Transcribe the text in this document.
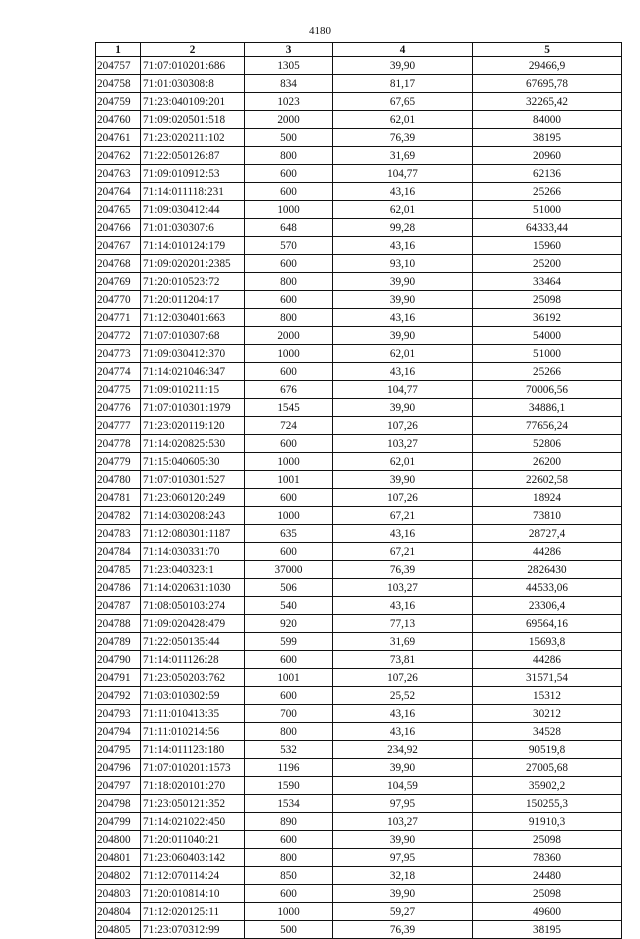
4180
1	2	3	4	5
204757	71:07:010201:686	1305	39,90	29466,9
204758	71:01:030308:8	834	81,17	67695,78
204759	71:23:040109:201	1023	67,65	32265,42
204760	71:09:020501:518	2000	62,01	84000
204761	71:23:020211:102	500	76,39	38195
204762	71:22:050126:87	800	31,69	20960
204763	71:09:010912:53	600	104,77	62136
204764	71:14:011118:231	600	43,16	25266
204765	71:09:030412:44	1000	62,01	51000
204766	71:01:030307:6	648	99,28	64333,44
204767	71:14:010124:179	570	43,16	15960
204768	71:09:020201:2385	600	93,10	25200
204769	71:20:010523:72	800	39,90	33464
204770	71:20:011204:17	600	39,90	25098
204771	71:12:030401:663	800	43,16	36192
204772	71:07:010307:68	2000	39,90	54000
204773	71:09:030412:370	1000	62,01	51000
204774	71:14:021046:347	600	43,16	25266
204775	71:09:010211:15	676	104,77	70006,56
204776	71:07:010301:1979	1545	39,90	34886,1
204777	71:23:020119:120	724	107,26	77656,24
204778	71:14:020825:530	600	103,27	52806
204779	71:15:040605:30	1000	62,01	26200
204780	71:07:010301:527	1001	39,90	22602,58
204781	71:23:060120:249	600	107,26	18924
204782	71:14:030208:243	1000	67,21	73810
204783	71:12:080301:1187	635	43,16	28727,4
204784	71:14:030331:70	600	67,21	44286
204785	71:23:040323:1	37000	76,39	2826430
204786	71:14:020631:1030	506	103,27	44533,06
204787	71:08:050103:274	540	43,16	23306,4
204788	71:09:020428:479	920	77,13	69564,16
204789	71:22:050135:44	599	31,69	15693,8
204790	71:14:011126:28	600	73,81	44286
204791	71:23:050203:762	1001	107,26	31571,54
204792	71:03:010302:59	600	25,52	15312
204793	71:11:010413:35	700	43,16	30212
204794	71:11:010214:56	800	43,16	34528
204795	71:14:011123:180	532	234,92	90519,8
204796	71:07:010201:1573	1196	39,90	27005,68
204797	71:18:020101:270	1590	104,59	35902,2
204798	71:23:050121:352	1534	97,95	150255,3
204799	71:14:021022:450	890	103,27	91910,3
204800	71:20:011040:21	600	39,90	25098
204801	71:23:060403:142	800	97,95	78360
204802	71:12:070114:24	850	32,18	24480
204803	71:20:010814:10	600	39,90	25098
204804	71:12:020125:11	1000	59,27	49600
204805	71:23:070312:99	500	76,39	38195
